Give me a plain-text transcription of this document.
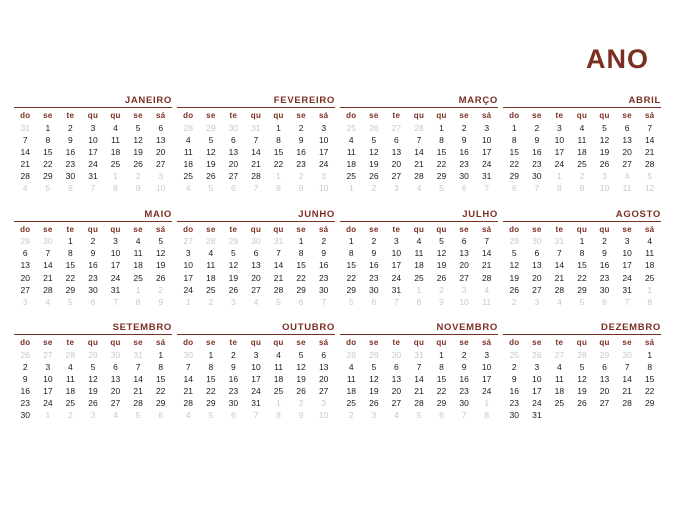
ANO
JANEIRO
do	se	te	qu	qu	se	sá
31	1	2	3	4	5	6
7	8	9	10	11	12	13
14	15	16	17	18	19	20
21	22	23	24	25	26	27
28	29	30	31	1	2	3
4	5	6	7	8	9	10
FEVEREIRO
do	se	te	qu	qu	se	sá
28	29	30	31	1	2	3
4	5	6	7	8	9	10
11	12	13	14	15	16	17
18	19	20	21	22	23	24
25	26	27	28	1	2	3
4	5	6	7	8	9	10
MARÇO
do	se	te	qu	qu	se	sá
25	26	27	28	1	2	3
4	5	6	7	8	9	10
11	12	13	14	15	16	17
18	19	20	21	22	23	24
25	26	27	28	29	30	31
1	2	3	4	5	6	7
ABRIL
do	se	te	qu	qu	se	sá
1	2	3	4	5	6	7
8	9	10	11	12	13	14
15	16	17	18	19	20	21
22	23	24	25	26	27	28
29	30	1	2	3	4	5
6	7	8	9	10	11	12
MAIO
do	se	te	qu	qu	se	sá
29	30	1	2	3	4	5
6	7	8	9	10	11	12
13	14	15	16	17	18	19
20	21	22	23	24	25	26
27	28	29	30	31	1	2
3	4	5	6	7	8	9
JUNHO
do	se	te	qu	qu	se	sá
27	28	29	30	31	1	2
3	4	5	6	7	8	9
10	11	12	13	14	15	16
17	18	19	20	21	22	23
24	25	26	27	28	29	30
1	2	3	4	5	6	7
JULHO
do	se	te	qu	qu	se	sá
1	2	3	4	5	6	7
8	9	10	11	12	13	14
15	16	17	18	19	20	21
22	23	24	25	26	27	28
29	30	31	1	2	3	4
5	6	7	8	9	10	11
AGOSTO
do	se	te	qu	qu	se	sá
29	30	31	1	2	3	4
5	6	7	8	9	10	11
12	13	14	15	16	17	18
19	20	21	22	23	24	25
26	27	28	29	30	31	1
2	3	4	5	6	7	8
SETEMBRO
do	se	te	qu	qu	se	sá
26	27	28	29	30	31	1
2	3	4	5	6	7	8
9	10	11	12	13	14	15
16	17	18	19	20	21	22
23	24	25	26	27	28	29
30	1	2	3	4	5	6
OUTUBRO
do	se	te	qu	qu	se	sá
30	1	2	3	4	5	6
7	8	9	10	11	12	13
14	15	16	17	18	19	20
21	22	23	24	25	26	27
28	29	30	31	1	2	3
4	5	6	7	8	9	10
NOVEMBRO
do	se	te	qu	qu	se	sá
28	29	30	31	1	2	3
4	5	6	7	8	9	10
11	12	13	14	15	16	17
18	19	20	21	22	23	24
25	26	27	28	29	30	1
2	3	4	5	6	7	8
DEZEMBRO
do	se	te	qu	qu	se	sá
25	26	27	28	29	30	1
2	3	4	5	6	7	8
9	10	11	12	13	14	15
16	17	18	19	20	21	22
23	24	25	26	27	28	29
30	31					
